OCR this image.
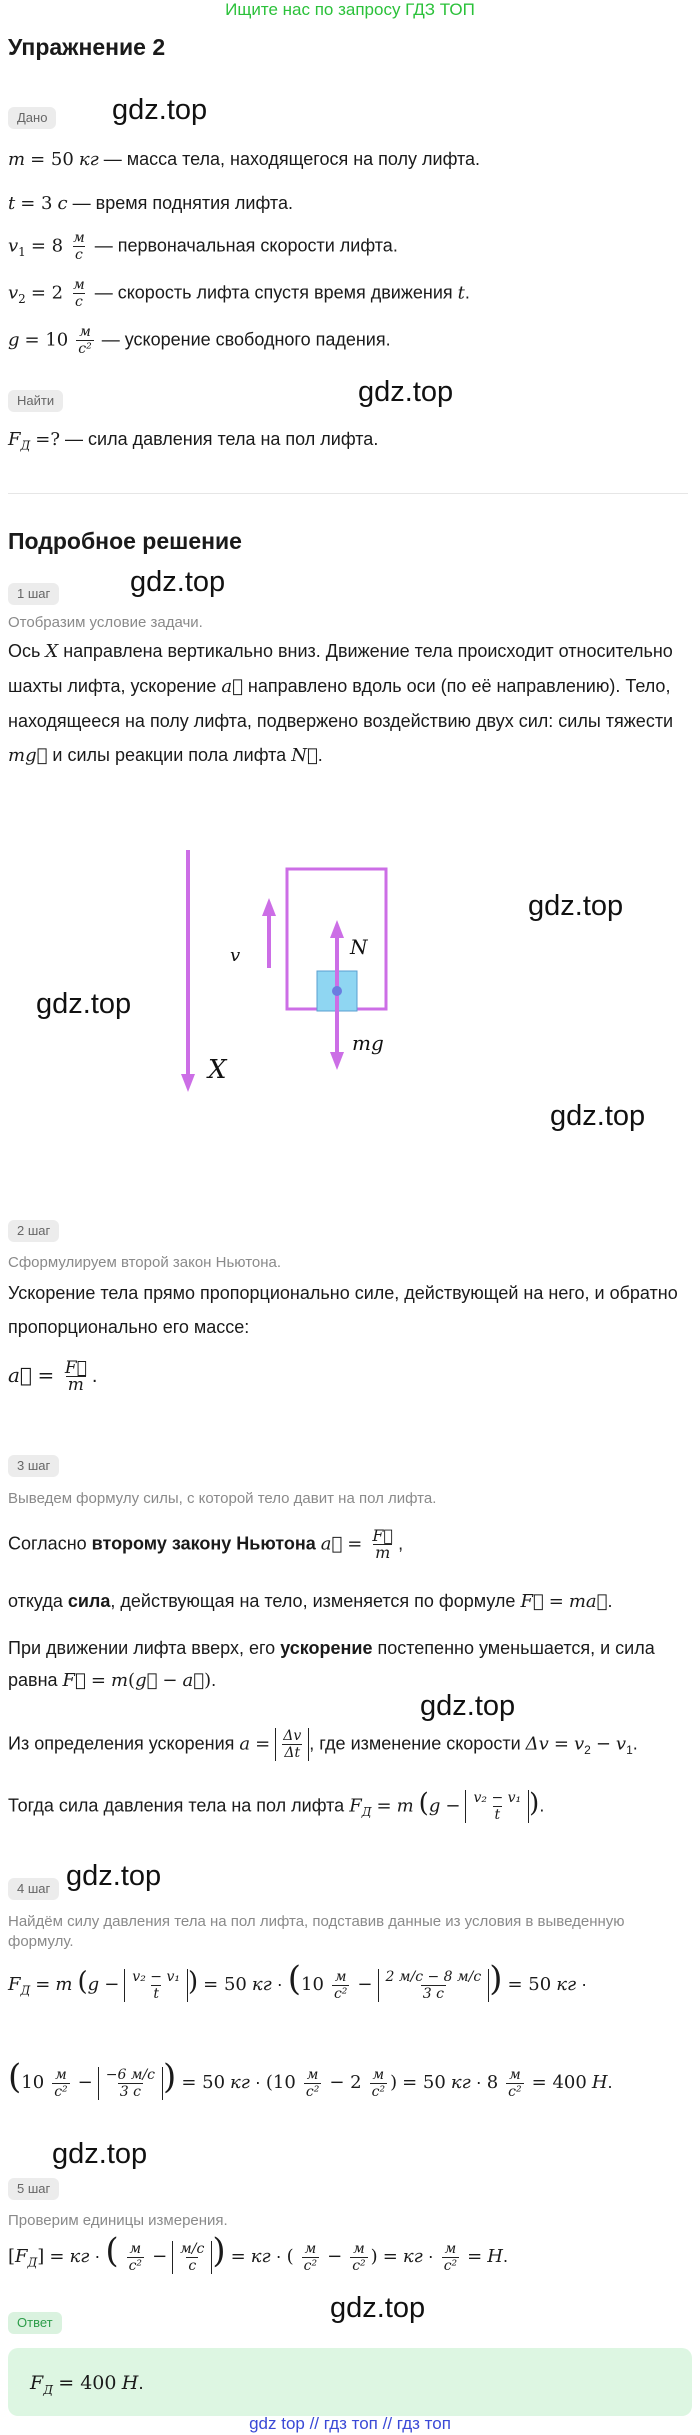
Ищите нас по запросу ГДЗ ТОП
Упражнение 2
Дано	gdz.top
m = 50 кг — масса тела, находящегося на полу лифта.
t = 3 с — время поднятия лифта.
$v_1 = 8 \frac{м}{с}$ — первоначальная скорости лифта.
$v_2 = 2 \frac{м}{с}$ — скорость лифта спустя время движения t.
$g = 10 \frac{м}{\text{с²}}$ — ускорение свободного падения.
gdz.top
Найти
$F_Д$ =? — сила давления тела на пол лифта.
Подробное решение
1 шаг	gdz.top
Отобразим условие задачи.
Ось X направлена вертикально вниз. Движение тела происходит относительно шахты лифта, ускорение a⃗ направлено вдоль оси (по её направлению). Тело, находящееся на полу лифта, подвержено воздействию двух сил: силы тяжести mg⃗ и силы реакции пола лифта N⃗.
X
v	N
mg
gdz.top
gdz.top
gdz.top
2 шаг
Сформулируем второй закон Ньютона.
Ускорение тела прямо пропорционально силе, действующей на него, и обратно пропорционально его массе:
a⃗ = $\frac{F⃗}{m}$ .
3 шаг
Выведем формулу силы, с которой тело давит на пол лифта.
Согласно второму закону Ньютона a⃗ = $\frac{F⃗}{m}$ ,
откуда сила, действующая на тело, изменяется по формуле F⃗ = ma⃗.
При движении лифта вверх, его ускорение постепенно уменьшается, и сила равна F⃗ = m(g⃗ − a⃗).
gdz.top
Из определения ускорения $a = \frac{\Delta v}{\Delta t}$ , где изменение скорости $\Delta v = v_2 - v_1$.
Тогда сила давления тела на пол лифта $F_Д = m$ ($g - \frac{\text{v₂ − v₁}}{t}$ ).
4 шаг gdz.top
Найдём силу давления тела на пол лифта, подставив данные из условия в выведенную формулу.
$F_Д = m$ ($g - \frac{\text{v₂ − v₁}}{t}$ ) = 50 кг · ($10 \frac{м}{\text{с²}} - \frac{2 м/с - 8 м/с}{3 с}$ ) = 50 кг ·
($10 \frac{м}{\text{с²}} - \frac{-6 м/с}{3 с}$ ) = 50 кг · ($10 \frac{м}{\text{с²}} - 2 \frac{м}{\text{с²}}$ ) = 50 кг · $8 \frac{м}{\text{с²}} = 400$ Н.
gdz.top
5 шаг
Проверим единицы измерения.
$[F_Д]$ = кг · ( $\frac{м}{\text{с²}} - \frac{м/с}{с}$ ) = кг · ( $\frac{м}{\text{с²}} - \frac{м}{\text{с²}}$ ) = кг · $\frac{м}{\text{с²}} = Н$.
gdz.top
Ответ
$F_Д = 400$ Н.
gdz top // гдз топ // гдз топ
